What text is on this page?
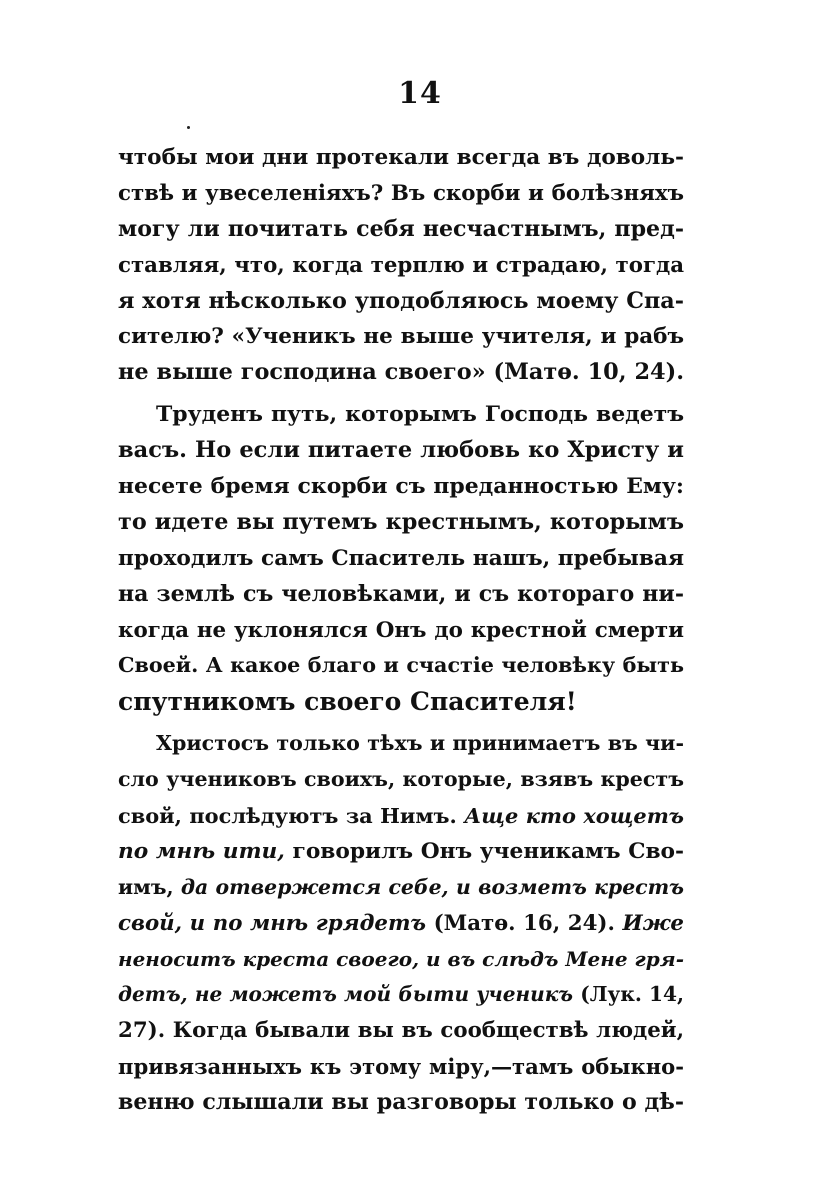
14
чтобы мои дни протекали всегда въ доволь-
ствѣ и увеселеніяхъ? Въ скорби и болѣзняхъ
могу ли почитать себя несчастнымъ, пред-
ставляя, что, когда терплю и страдаю, тогда
я хотя нѣсколько уподобляюсь моему Спа-
сителю? «Ученикъ не выше учителя, и рабъ
не выше господина своего» (Матѳ. 10, 24).
Труденъ путь, которымъ Господь ведетъ
васъ. Но если питаете любовь ко Христу и
несете бремя скорби съ преданностью Ему:
то идете вы путемъ крестнымъ, которымъ
проходилъ самъ Спаситель нашъ, пребывая
на землѣ съ человѣками, и съ котораго ни-
когда не уклонялся Онъ до крестной смерти
Своей. А какое благо и счастіе человѣку быть
спутникомъ своего Спасителя!
Христосъ только тѣхъ и принимаетъ въ чи-
сло учениковъ своихъ, которые, взявъ крестъ
свой, послѣдуютъ за Нимъ. Аще кто хощетъ
по мнѣ ити, говорилъ Онъ ученикамъ Сво-
имъ, да отвержется себе, и возметъ крестъ
свой, и по мнѣ грядетъ (Матѳ. 16, 24). Иже
неноситъ креста своего, и въ слѣдъ Мене гря-
детъ, не можетъ мой быти ученикъ (Лук. 14,
27). Когда бывали вы въ сообществѣ людей,
привязанныхъ къ этому міру,—тамъ обыкно-
венно слышали вы разговоры только о дѣ-
